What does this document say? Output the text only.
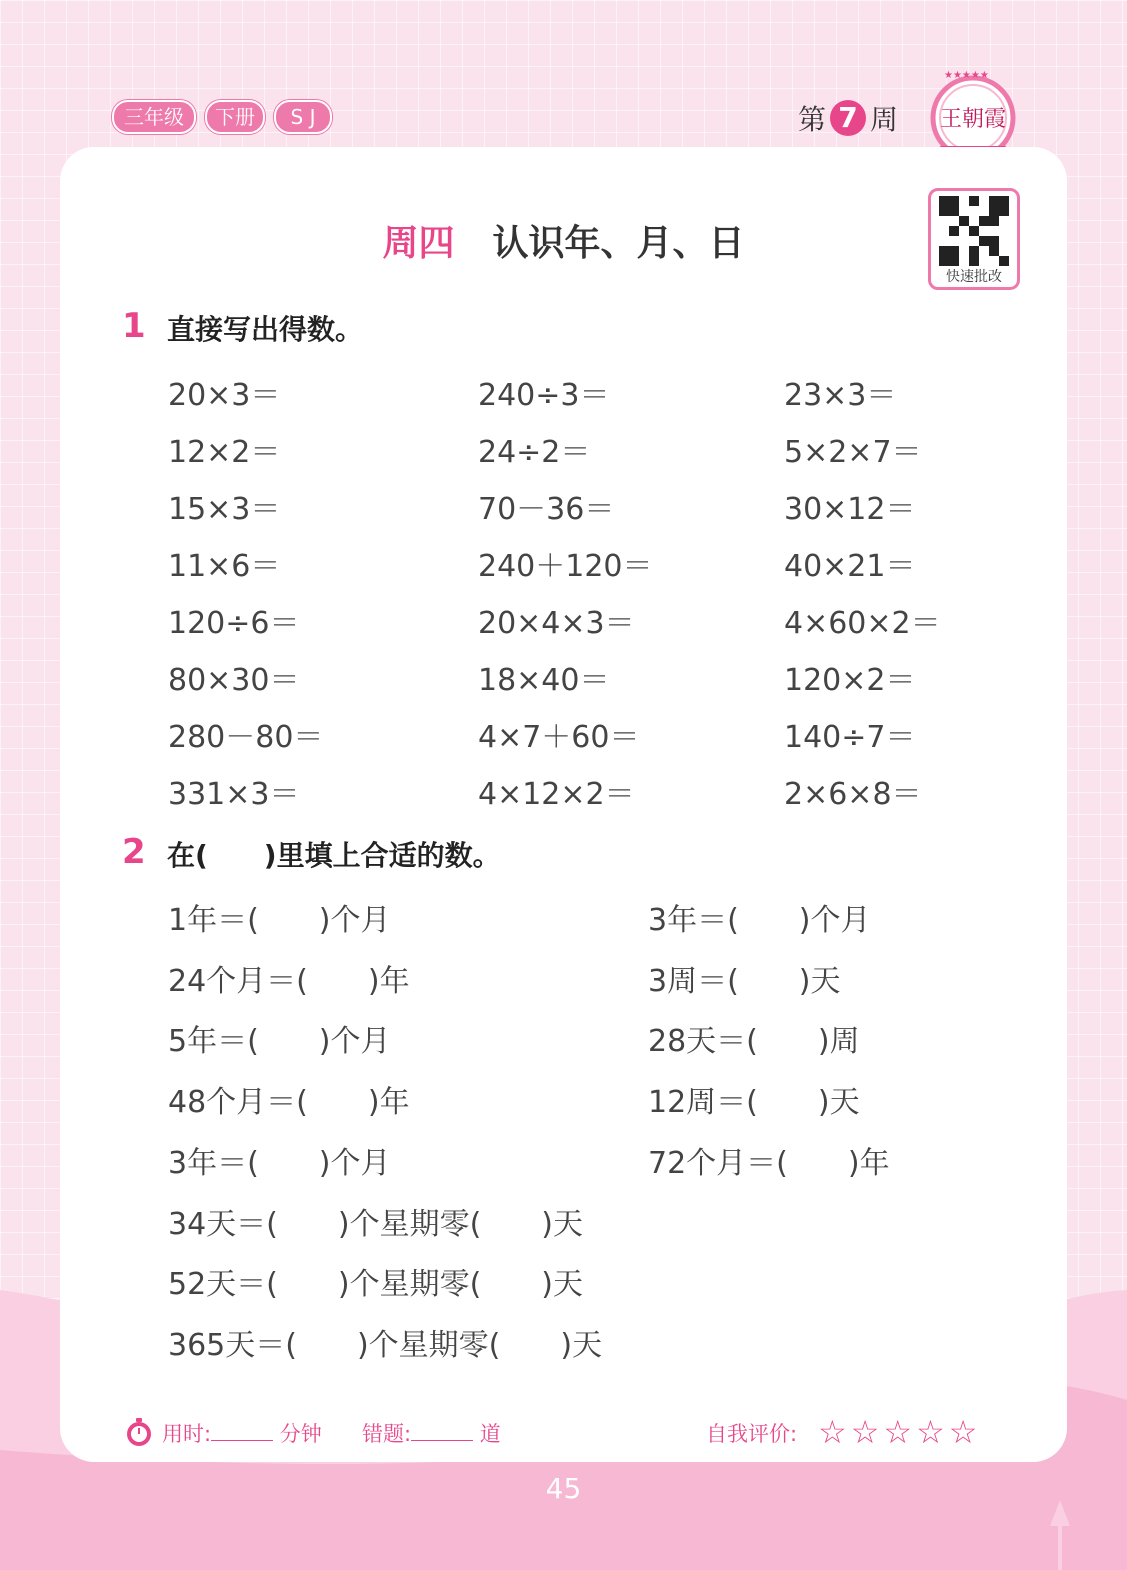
三年级	下册	S J	第 7 周
★★★★★
王朝霞
周四 认识年、月、日
快速批改
1 直接写出得数。
20×3＝	240÷3＝	23×3＝
12×2＝	24÷2＝	5×2×7＝
15×3＝	70－36＝	30×12＝
11×6＝	240＋120＝	40×21＝
120÷6＝	20×4×3＝	4×60×2＝
80×30＝	18×40＝	120×2＝
280－80＝	4×7＋60＝	140÷7＝
331×3＝	4×12×2＝	2×6×8＝
2 在(　　)里填上合适的数。
1年＝(　　)个月	3年＝(　　)个月
24个月＝(　　)年	3周＝(　　)天
5年＝(　　)个月	28天＝(　　)周
48个月＝(　　)年	12周＝(　　)天
3年＝(　　)个月	72个月＝(　　)年
34天＝(　　)个星期零(　　)天
52天＝(　　)个星期零(　　)天
365天＝(　　)个星期零(　　)天
用时:	分钟 错题:	道	自我评价: ☆☆☆☆☆
45
